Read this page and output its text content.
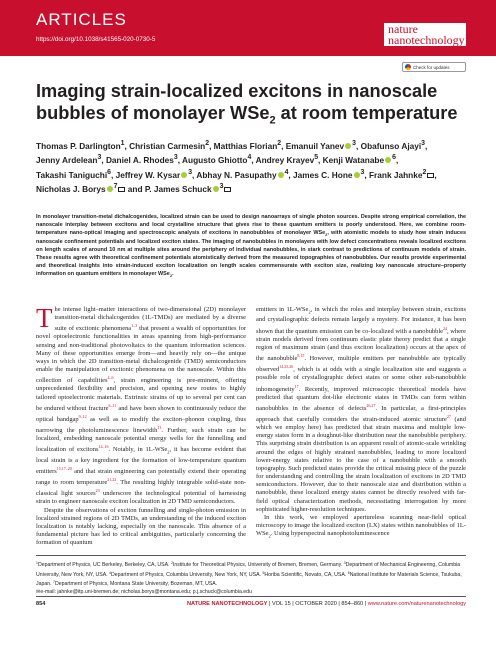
ARTICLES
https://doi.org/10.1038/s41565-020-0730-5
nature
nanotechnology
Check for updates
Imaging strain-localized excitons in nanoscale bubbles of monolayer WSe$_2$ at room temperature
Thomas P. Darlington$^1$, Christian Carmesin$^2$, Matthias Florian$^2$, Emanuil Yanev $^3$, Obafunso Ajayi$^3$,
Jenny Ardelean$^3$, Daniel A. Rhodes$^3$, Augusto Ghiotto$^4$, Andrey Krayev$^5$, Kenji Watanabe $^6$,
Takashi Taniguchi$^6$, Jeffrey W. Kysar $^3$, Abhay N. Pasupathy $^4$, James C. Hone $^3$, Frank Jahnke$^2$ ,
Nicholas J. Borys $^7$ and P. James Schuck $^3$

In monolayer transition-metal dichalcogenides, localized strain can be used to design nanoarrays of single photon sources. Despite strong empirical correlation, the nanoscale interplay between excitons and local crystalline structure that gives rise to these quantum emitters is poorly understood. Here, we combine room-temperature nano-optical imaging and spectroscopic analysis of excitons in nanobubbles of monolayer WSe$_2$, with atomistic models to study how strain induces nanoscale confinement potentials and localized exciton states. The imaging of nanobubbles in monolayers with low defect concentrations reveals localized excitons on length scales of around 10 nm at multiple sites around the periphery of individual nanobubbles, in stark contrast to predictions of continuum models of strain. These results agree with theoretical confinement potentials atomistically derived from the measured topographies of nanobubbles. Our results provide experimental and theoretical insights into strain-induced exciton localization on length scales commensurate with exciton size, realizing key nanoscale structure–property information on quantum emitters in monolayer WSe$_2$.

The intense light–matter interactions of two-dimensional (2D) monolayer transition-metal dichalcogenides (1L-TMDs) are mediated by a diverse suite of excitonic phenomena$^{1-3}$ that present a wealth of opportunities for novel optoelectronic functionalities in areas spanning from high-performance sensing and non-traditional photovoltaics to the quantum information sciences. Many of these opportunities emerge from—and heavily rely on—the unique ways in which the 2D transition-metal dichalcogenide (TMD) semiconductors enable the manipulation of excitonic phenomena on the nanoscale. Within this collection of capabilities$^{4-6}$, strain engineering is pre-eminent, offering unprecedented flexibility and precision, and opening new routes to highly tailored optoelectronic materials. Extrinsic strains of up to several per cent can be endured without fracture$^{6-11}$ and have been shown to continuously reduce the optical bandgap$^{9-12}$ as well as to modify the exciton–phonon coupling, thus narrowing the photoluminescence linewidth$^{13}$. Further, such strain can be localized, embedding nanoscale potential energy wells for the funnelling and localization of excitons$^{14-16}$. Notably, in 1L-WSe$_2$, it has become evident that local strain is a key ingredient for the formation of low-temperature quantum emitters$^{15,17-20}$ and that strain engineering can potentially extend their operating range to room temperature$^{21,22}$. The resulting highly integrable solid-state non-classical light sources$^{23}$ underscore the technological potential of harnessing strain to engineer nanoscale exciton localization in 2D TMD semiconductors.

Despite the observations of exciton funnelling and single-photon emission in localized strained regions of 2D TMDs, an understanding of the induced exciton localization is notably lacking, especially on the nanoscale. This absence of a fundamental picture has led to critical ambiguities, particularly concerning the formation of quantum

emitters in 1L-WSe$_2$, in which the roles and interplay between strain, excitons and crystallographic defects remain largely a mystery. For instance, it has been shown that the quantum emission can be co-localized with a nanobubble$^{24}$, where strain models derived from continuum elastic plate theory predict that a single region of maximum strain (and thus exciton localization) occurs at the apex of the nanobubble$^{8,15}$. However, multiple emitters per nanobubble are typically observed$^{14,25,26}$, which is at odds with a single localization site and suggests a possible role of crystallographic defect states or some other sub-nanobubble inhomogeneity$^{17}$. Recently, improved microscopic theoretical models have predicted that quantum dot-like electronic states in TMDs can form within nanobubbles in the absence of defects$^{26,27}$. In particular, a first-principles approach that carefully considers the strain-induced atomic structure$^{27}$ (and which we employ here) has predicted that strain maxima and multiple low-energy states form in a doughnut-like distribution near the nanobubble periphery. This surprising strain distribution is an apparent result of atomic-scale wrinkling around the edges of highly strained nanobubbles, leading to more localized lower-energy states relative to the case of a nanobubble with a smooth topography. Such predicted states provide the critical missing piece of the puzzle for understanding and controlling the strain localization of excitons in 2D TMD semiconductors. However, due to their nanoscale size and distribution within a nanobubble, these localized energy states cannot be directly resolved with far-field optical characterization methods, necessitating interrogation by more sophisticated higher-resolution techniques.

In this work, we employed apertureless scanning near-field optical microscopy to image the localized exciton (LX) states within nanobubbles of 1L-WSe$_2$. Using hyperspectral nanophotoluminescence

$^1$Department of Physics, UC Berkeley, Berkeley, CA, USA. $^2$Institute for Theoretical Physics, University of Bremen, Bremen, Germany. $^3$Department of Mechanical Engineering, Columbia University, New York, NY, USA. $^4$Department of Physics, Columbia University, New York, NY, USA. $^5$Horiba Scientific, Novato, CA, USA. $^6$National Institute for Materials Science, Tsukuba, Japan. $^7$Department of Physics, Montana State University, Bozeman, MT, USA.
✉e-mail: jahnke@itp.uni-bremen.de; nicholas.borys@montana.edu; p.j.schuck@columbia.edu
854	NATURE NANOTECHNOLOGY | VOL 15 | OCTOBER 2020 | 854–860 | www.nature.com/naturenanotechnology
